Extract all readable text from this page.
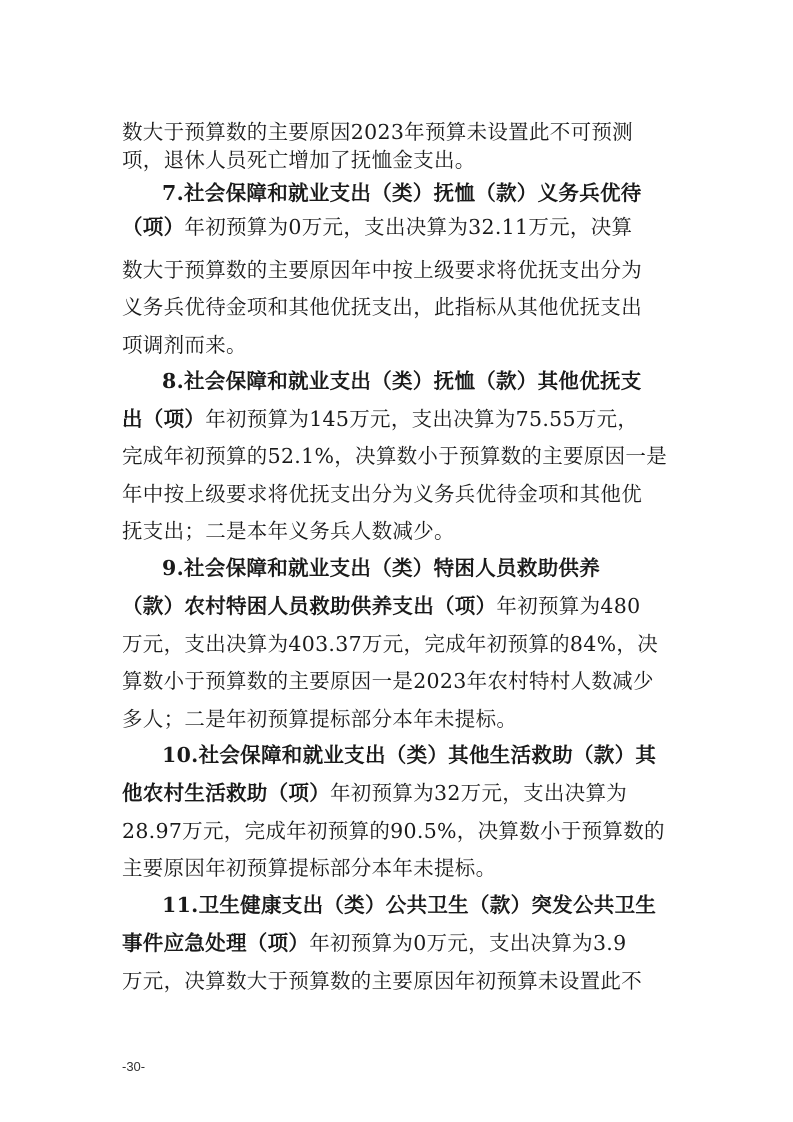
数大于预算数的主要原因2023年预算未设置此不可预测
项，退休人员死亡增加了抚恤金支出。
7.社会保障和就业支出（类）抚恤（款）义务兵优待
（项）年初预算为0万元，支出决算为32.11万元，决算
数大于预算数的主要原因年中按上级要求将优抚支出分为
义务兵优待金项和其他优抚支出，此指标从其他优抚支出
项调剂而来。
8.社会保障和就业支出（类）抚恤（款）其他优抚支
出（项）年初预算为145万元，支出决算为75.55万元，
完成年初预算的52.1%，决算数小于预算数的主要原因一是
年中按上级要求将优抚支出分为义务兵优待金项和其他优
抚支出；二是本年义务兵人数减少。
9.社会保障和就业支出（类）特困人员救助供养
（款）农村特困人员救助供养支出（项）年初预算为480
万元，支出决算为403.37万元，完成年初预算的84%，决
算数小于预算数的主要原因一是2023年农村特村人数减少
多人；二是年初预算提标部分本年未提标。
10.社会保障和就业支出（类）其他生活救助（款）其
他农村生活救助（项）年初预算为32万元，支出决算为
28.97万元，完成年初预算的90.5%，决算数小于预算数的
主要原因年初预算提标部分本年未提标。
11.卫生健康支出（类）公共卫生（款）突发公共卫生
事件应急处理（项）年初预算为0万元，支出决算为3.9
万元，决算数大于预算数的主要原因年初预算未设置此不
-30-
